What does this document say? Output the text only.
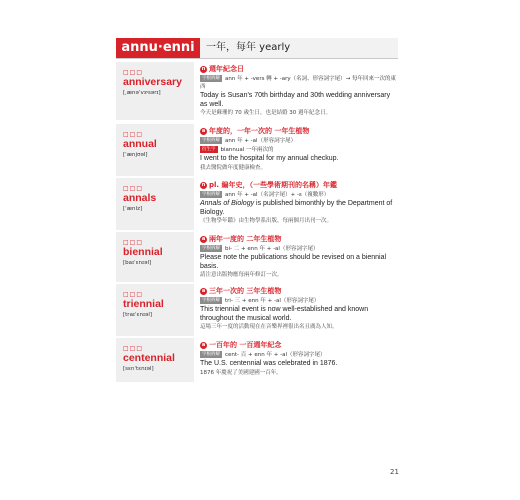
annu·enni	一年，每年 yearly
□□□
anniversary
[ˌænəˈvɝsərɪ]
n 週年紀念日
字根拆解 ann 年 + -vers 轉 + -ary（名詞、形容詞字尾）→ 每年回來一次的東西
Today is Susan's 70th birthday and 30th wedding anniversary as well.
今天是蘇珊的 70 歲生日，也是結婚 30 週年紀念日。
□□□
annual
[ˈænjʊəl]
a 年度的，一年一次的 一年生植物
字根拆解 ann 年 + -al（形容詞字尾）
衍生字 biannual 一年兩次的
I went to the hospital for my annual checkup.
我去醫院做年度健康檢查。
□□□
annals
[ˈænlz]
n pl. 編年史，（一些學術期刊的名稱）年鑑
字根拆解 ann 年 + -al（名詞字尾）+ -s（複數形）
Annals of Biology is published bimonthly by the Department of Biology.
《生物學年鑑》由生物學系出版，每兩個月出刊一次。
□□□
biennial
[baɪˈɛnɪəl]
a 兩年一度的 二年生植物
字根拆解 bi- 二 + enn 年 + -al（形容詞字尾）
Please note the publications should be revised on a biennial basis.
請注意出版物應每兩年修訂一次。
□□□
triennial
[traɪˈɛnɪəl]
a 三年一次的 三年生植物
字根拆解 tri- 三 + enn 年 + -al（形容詞字尾）
This triennial event is now well-established and known throughout the musical world.
這場三年一度的活動現在在音樂界裡很出名且廣為人知。
□□□
centennial
[sɛnˈtɛnɪəl]
a 一百年的 一百週年紀念
字根拆解 cent- 百 + enn 年 + -al（形容詞字尾）
The U.S. centennial was celebrated in 1876.
1876 年慶祝了美國建國一百年。
21
